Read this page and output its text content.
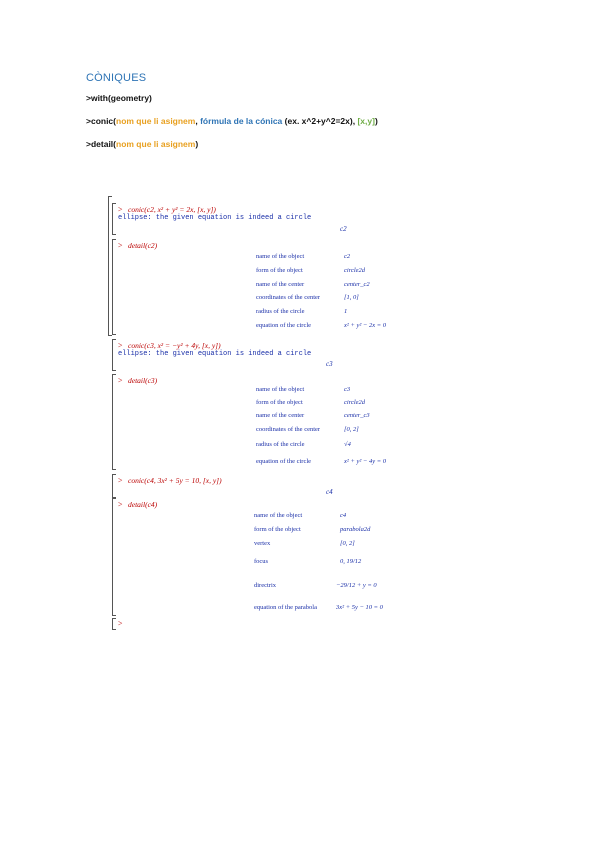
CÒNIQUES
>with(geometry)
>conic(nom que li asignem, fórmula de la cónica (ex. x^2+y^2=2x), [x,y])
>detail(nom que li asignem)
> conic(c2, x² + y² = 2x, [x, y])
ellipse: the given equation is indeed a circle
c2
> detail(c2)
name of the object	c2
form of the object	circle2d
name of the center	center_c2
coordinates of the center	[1, 0]
radius of the circle	1
equation of the circle	x² + y² − 2x = 0
> conic(c3, x² = −y² + 4y, [x, y])
ellipse: the given equation is indeed a circle
c3
> detail(c3)
name of the object	c3
form of the object	circle2d
name of the center	center_c3
coordinates of the center	[0, 2]
radius of the circle	√4
equation of the circle	x² + y² − 4y = 0
> conic(c4, 3x² + 5y = 10, [x, y])
c4
> detail(c4)
name of the object	c4
form of the object	parabola2d
vertex	[0, 2]
focus	0, 19/12
directrix	−29/12 + y = 0
equation of the parabola	3x² + 5y − 10 = 0
>
